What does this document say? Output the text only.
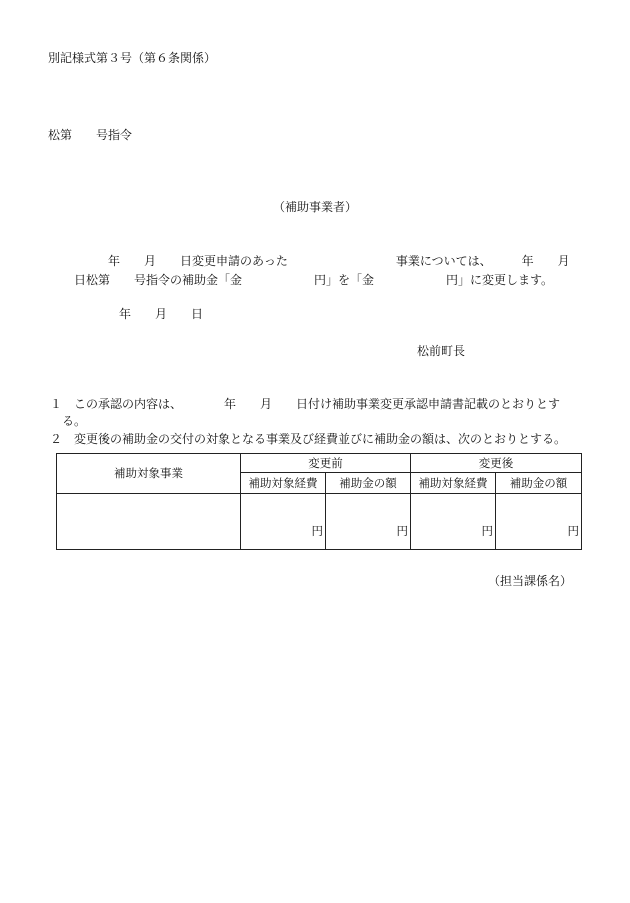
別記様式第３号（第６条関係）
松第　　号指令
（補助事業者）
年　　月　　日変更申請のあった　　　　　　　　　事業については、　　　年　　月
日松第　　号指令の補助金「金　　　　　　円」を「金　　　　　　円」に変更します。
年　　月　　日
松前町長
１　この承認の内容は、　　　　年　　月　　日付け補助事業変更承認申請書記載のとおりとす
る。
２　変更後の補助金の交付の対象となる事業及び経費並びに補助金の額は、次のとおりとする。
補助対象事業	変更前		変更後	
	補助対象経費	補助金の額	補助対象経費	補助金の額
	円	円	円	円
（担当課係名）
